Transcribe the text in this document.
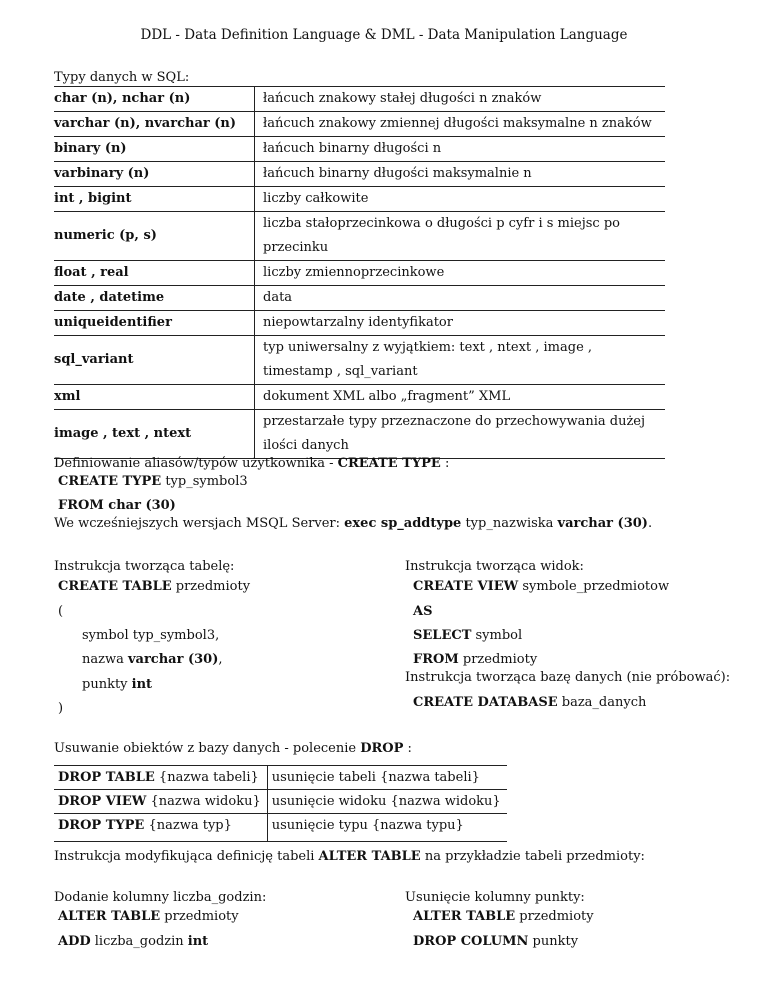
DDL - Data Definition Language & DML - Data Manipulation Language
Typy danych w SQL:
char (n), nchar (n)	łańcuch znakowy stałej długości n znaków

varchar (n), nvarchar (n)	łańcuch znakowy zmiennej długości maksymalne n znaków

binary (n)	łańcuch binarny długości n

varbinary (n)	łańcuch binarny długości maksymalnie n

int , bigint	liczby całkowite

numeric (p, s)	liczba stałoprzecinkowa o długości p cyfr i s miejsc po
przecinku

float , real	liczby zmiennoprzecinkowe

date , datetime	data

uniqueidentifier	niepowtarzalny identyfikator

sql_variant	typ uniwersalny z wyjątkiem: text , ntext , image ,
timestamp , sql_variant

xml	dokument XML albo „fragment” XML

image , text , ntext	przestarzałe typy przeznaczone do przechowywania dużej
ilości danych
Definiowanie aliasów/typów użytkownika - CREATE TYPE :
CREATE TYPE typ_symbol3
FROM char (30)
We wcześniejszych wersjach MSQL Server: exec sp_addtype typ_nazwiska varchar (30).
Instrukcja tworząca tabelę:
CREATE TABLE przedmioty
(
symbol typ_symbol3,
nazwa varchar (30),
punkty int
)
Instrukcja tworząca widok:
CREATE VIEW symbole_przedmiotow
AS
SELECT symbol
FROM przedmioty
Instrukcja tworząca bazę danych (nie próbować):
CREATE DATABASE baza_danych
Usuwanie obiektów z bazy danych - polecenie DROP :
DROP TABLE {nazwa tabeli}	usunięcie tabeli {nazwa tabeli}
DROP VIEW {nazwa widoku}	usunięcie widoku {nazwa widoku}
DROP TYPE {nazwa typ}	usunięcie typu {nazwa typu}
Instrukcja modyfikująca definicję tabeli ALTER TABLE na przykładzie tabeli przedmioty:
Dodanie kolumny liczba_godzin:
ALTER TABLE przedmioty
ADD liczba_godzin int
Usunięcie kolumny punkty:
ALTER TABLE przedmioty
DROP COLUMN punkty
